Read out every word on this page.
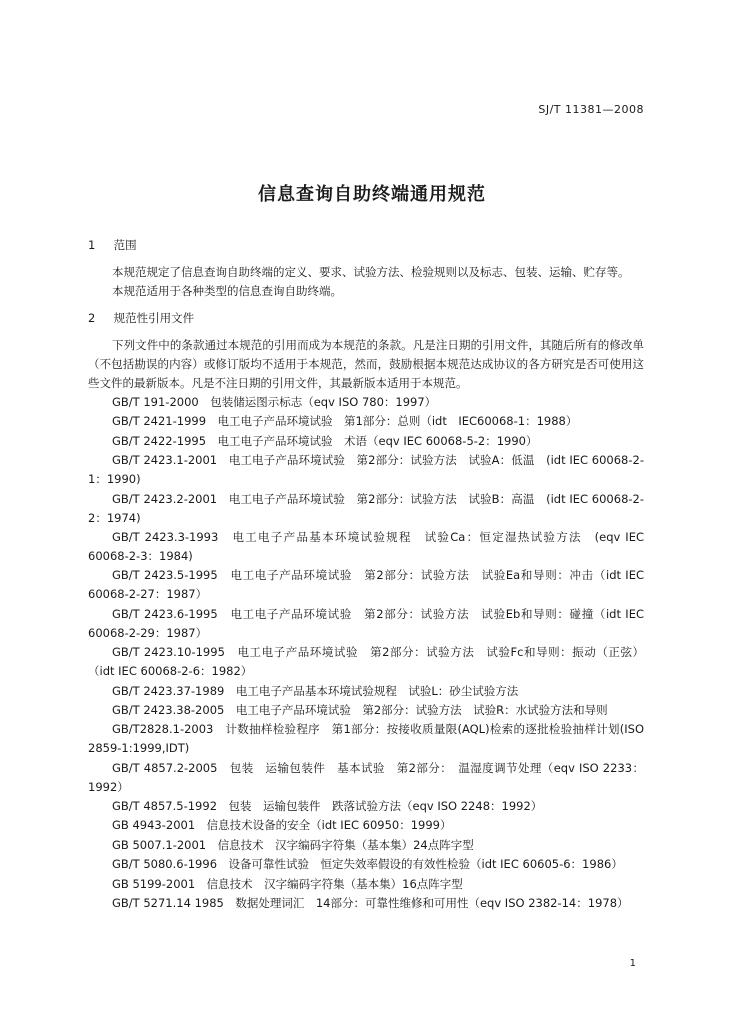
SJ/T 11381—2008
信息查询自助终端通用规范
1 范围

本规范规定了信息查询自助终端的定义、要求、试验方法、检验规则以及标志、包装、运输、贮存等。

本规范适用于各种类型的信息查询自助终端。

2 规范性引用文件

下列文件中的条款通过本规范的引用而成为本规范的条款。凡是注日期的引用文件，其随后所有的修改单（不包括勘误的内容）或修订版均不适用于本规范，然而，鼓励根据本规范达成协议的各方研究是否可使用这些文件的最新版本。凡是不注日期的引用文件，其最新版本适用于本规范。

GB/T 191-2000　包装储运图示标志（eqv ISO 780：1997）
GB/T 2421-1999　电工电子产品环境试验　第1部分：总则（idt　IEC60068-1：1988）
GB/T 2422-1995　电工电子产品环境试验　术语（eqv IEC 60068-5-2：1990）
GB/T 2423.1-2001　电工电子产品环境试验　第2部分：试验方法　试验A：低温　(idt IEC 60068-2-1：1990)
GB/T 2423.2-2001　电工电子产品环境试验　第2部分：试验方法　试验B：高温　(idt IEC 60068-2-2：1974)
GB/T 2423.3-1993　电工电子产品基本环境试验规程　试验Ca：恒定湿热试验方法　(eqv IEC 60068-2-3：1984)
GB/T 2423.5-1995　电工电子产品环境试验　第2部分：试验方法　试验Ea和导则：冲击（idt IEC 60068-2-27：1987）
GB/T 2423.6-1995　电工电子产品环境试验　第2部分：试验方法　试验Eb和导则：碰撞（idt IEC 60068-2-29：1987）
GB/T 2423.10-1995　电工电子产品环境试验　第2部分：试验方法　试验Fc和导则：振动（正弦）（idt IEC 60068-2-6：1982）
GB/T 2423.37-1989　电工电子产品基本环境试验规程　试验L：砂尘试验方法
GB/T 2423.38-2005　电工电子产品环境试验　第2部分：试验方法　试验R：水试验方法和导则
GB/T2828.1-2003　计数抽样检验程序　第1部分：按接收质量限(AQL)检索的逐批检验抽样计划(ISO 2859-1:1999,IDT)
GB/T 4857.2-2005　包装　运输包装件　基本试验　第2部分：　温湿度调节处理（eqv ISO 2233：1992）
GB/T 4857.5-1992　包装　运输包装件　跌落试验方法（eqv ISO 2248：1992）
GB 4943-2001　信息技术设备的安全（idt IEC 60950：1999）
GB 5007.1-2001　信息技术　汉字编码字符集（基本集）24点阵字型
GB/T 5080.6-1996　设备可靠性试验　恒定失效率假设的有效性检验（idt IEC 60605-6：1986）
GB 5199-2001　信息技术　汉字编码字符集（基本集）16点阵字型
GB/T 5271.14 1985　数据处理词汇　14部分：可靠性维修和可用性（eqv ISO 2382-14：1978）
1
